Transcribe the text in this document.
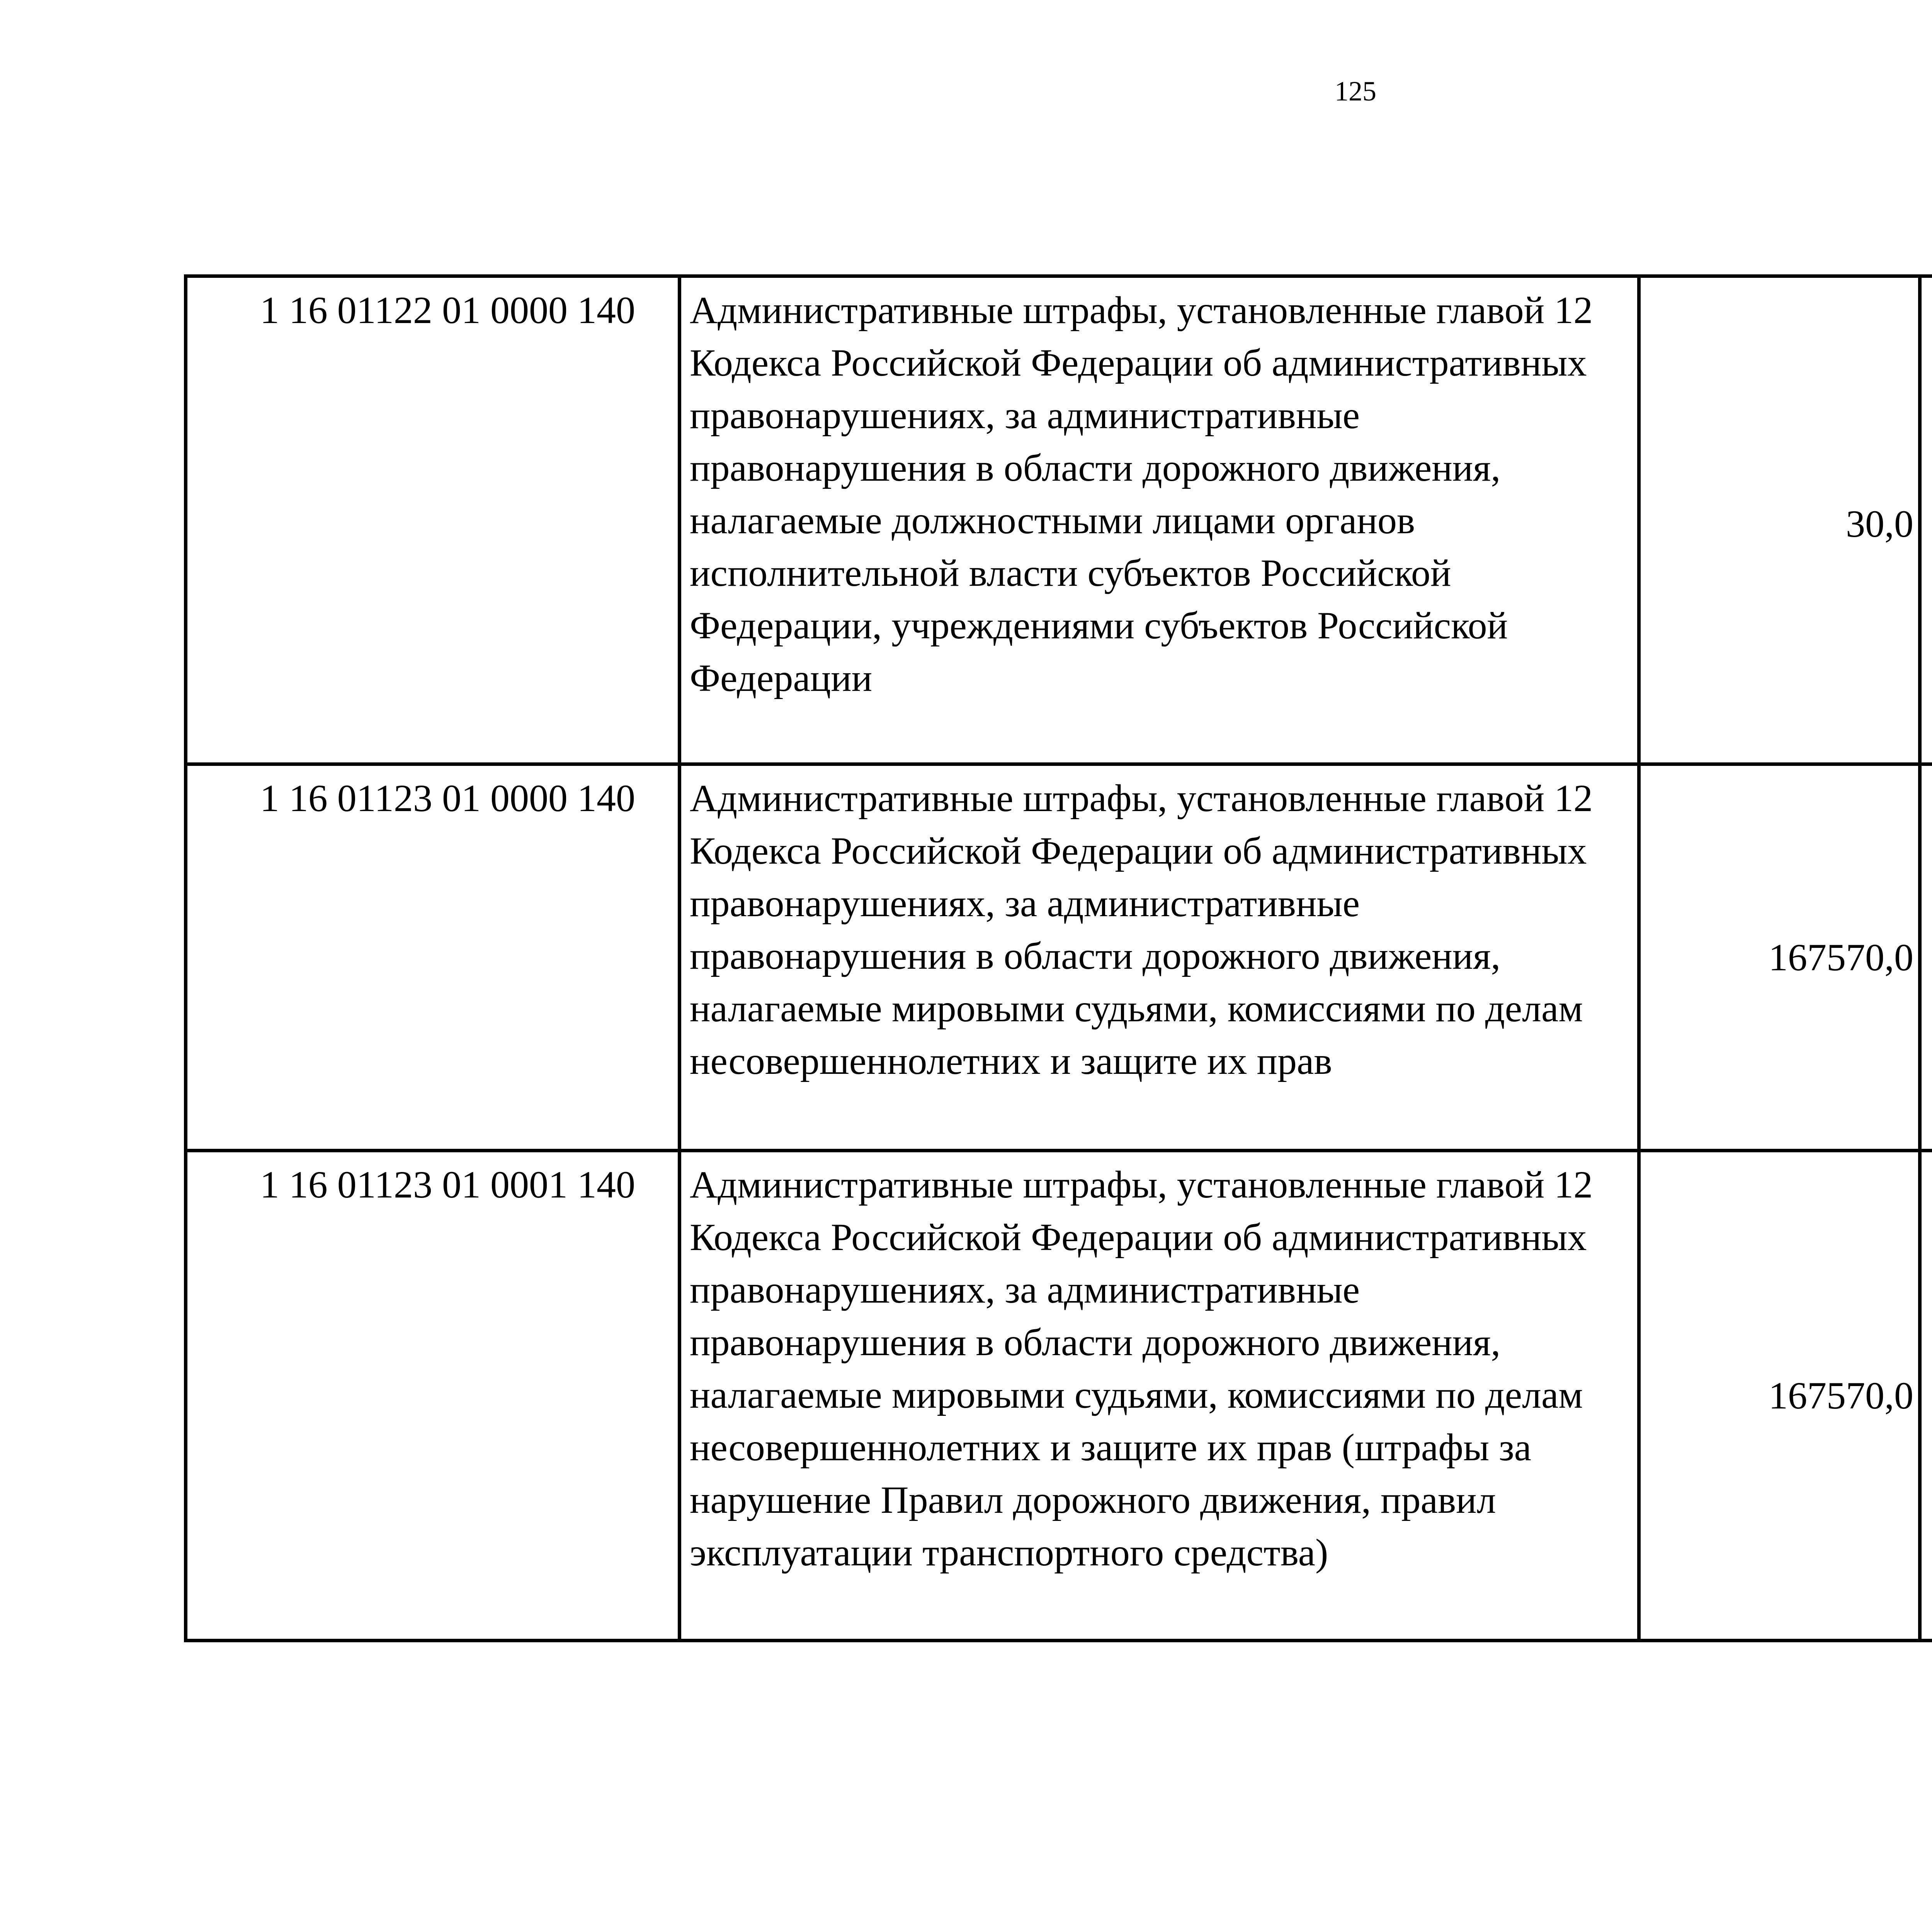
125
1 16 01122 01 0000 140	Административные штрафы, установленные главой 12 Кодекса Российской Федерации об административных правонарушениях, за административные правонарушения в области дорожного движения, налагаемые должностными лицами органов исполнительной власти субъектов Российской Федерации, учреждениями субъектов Российской Федерации	30,0		
1 16 01123 01 0000 140	Административные штрафы, установленные главой 12 Кодекса Российской Федерации об административных правонарушениях, за административные правонарушения в области дорожного движения, налагаемые мировыми судьями, комиссиями по делам несовершеннолетних и защите их прав	167570,0		
1 16 01123 01 0001 140	Административные штрафы, установленные главой 12 Кодекса Российской Федерации об административных правонарушениях, за административные правонарушения в области дорожного движения, налагаемые мировыми судьями, комиссиями по делам несовершеннолетних и защите их прав (штрафы за нарушение Правил дорожного движения, правил эксплуатации транспортного средства)	167570,0		
